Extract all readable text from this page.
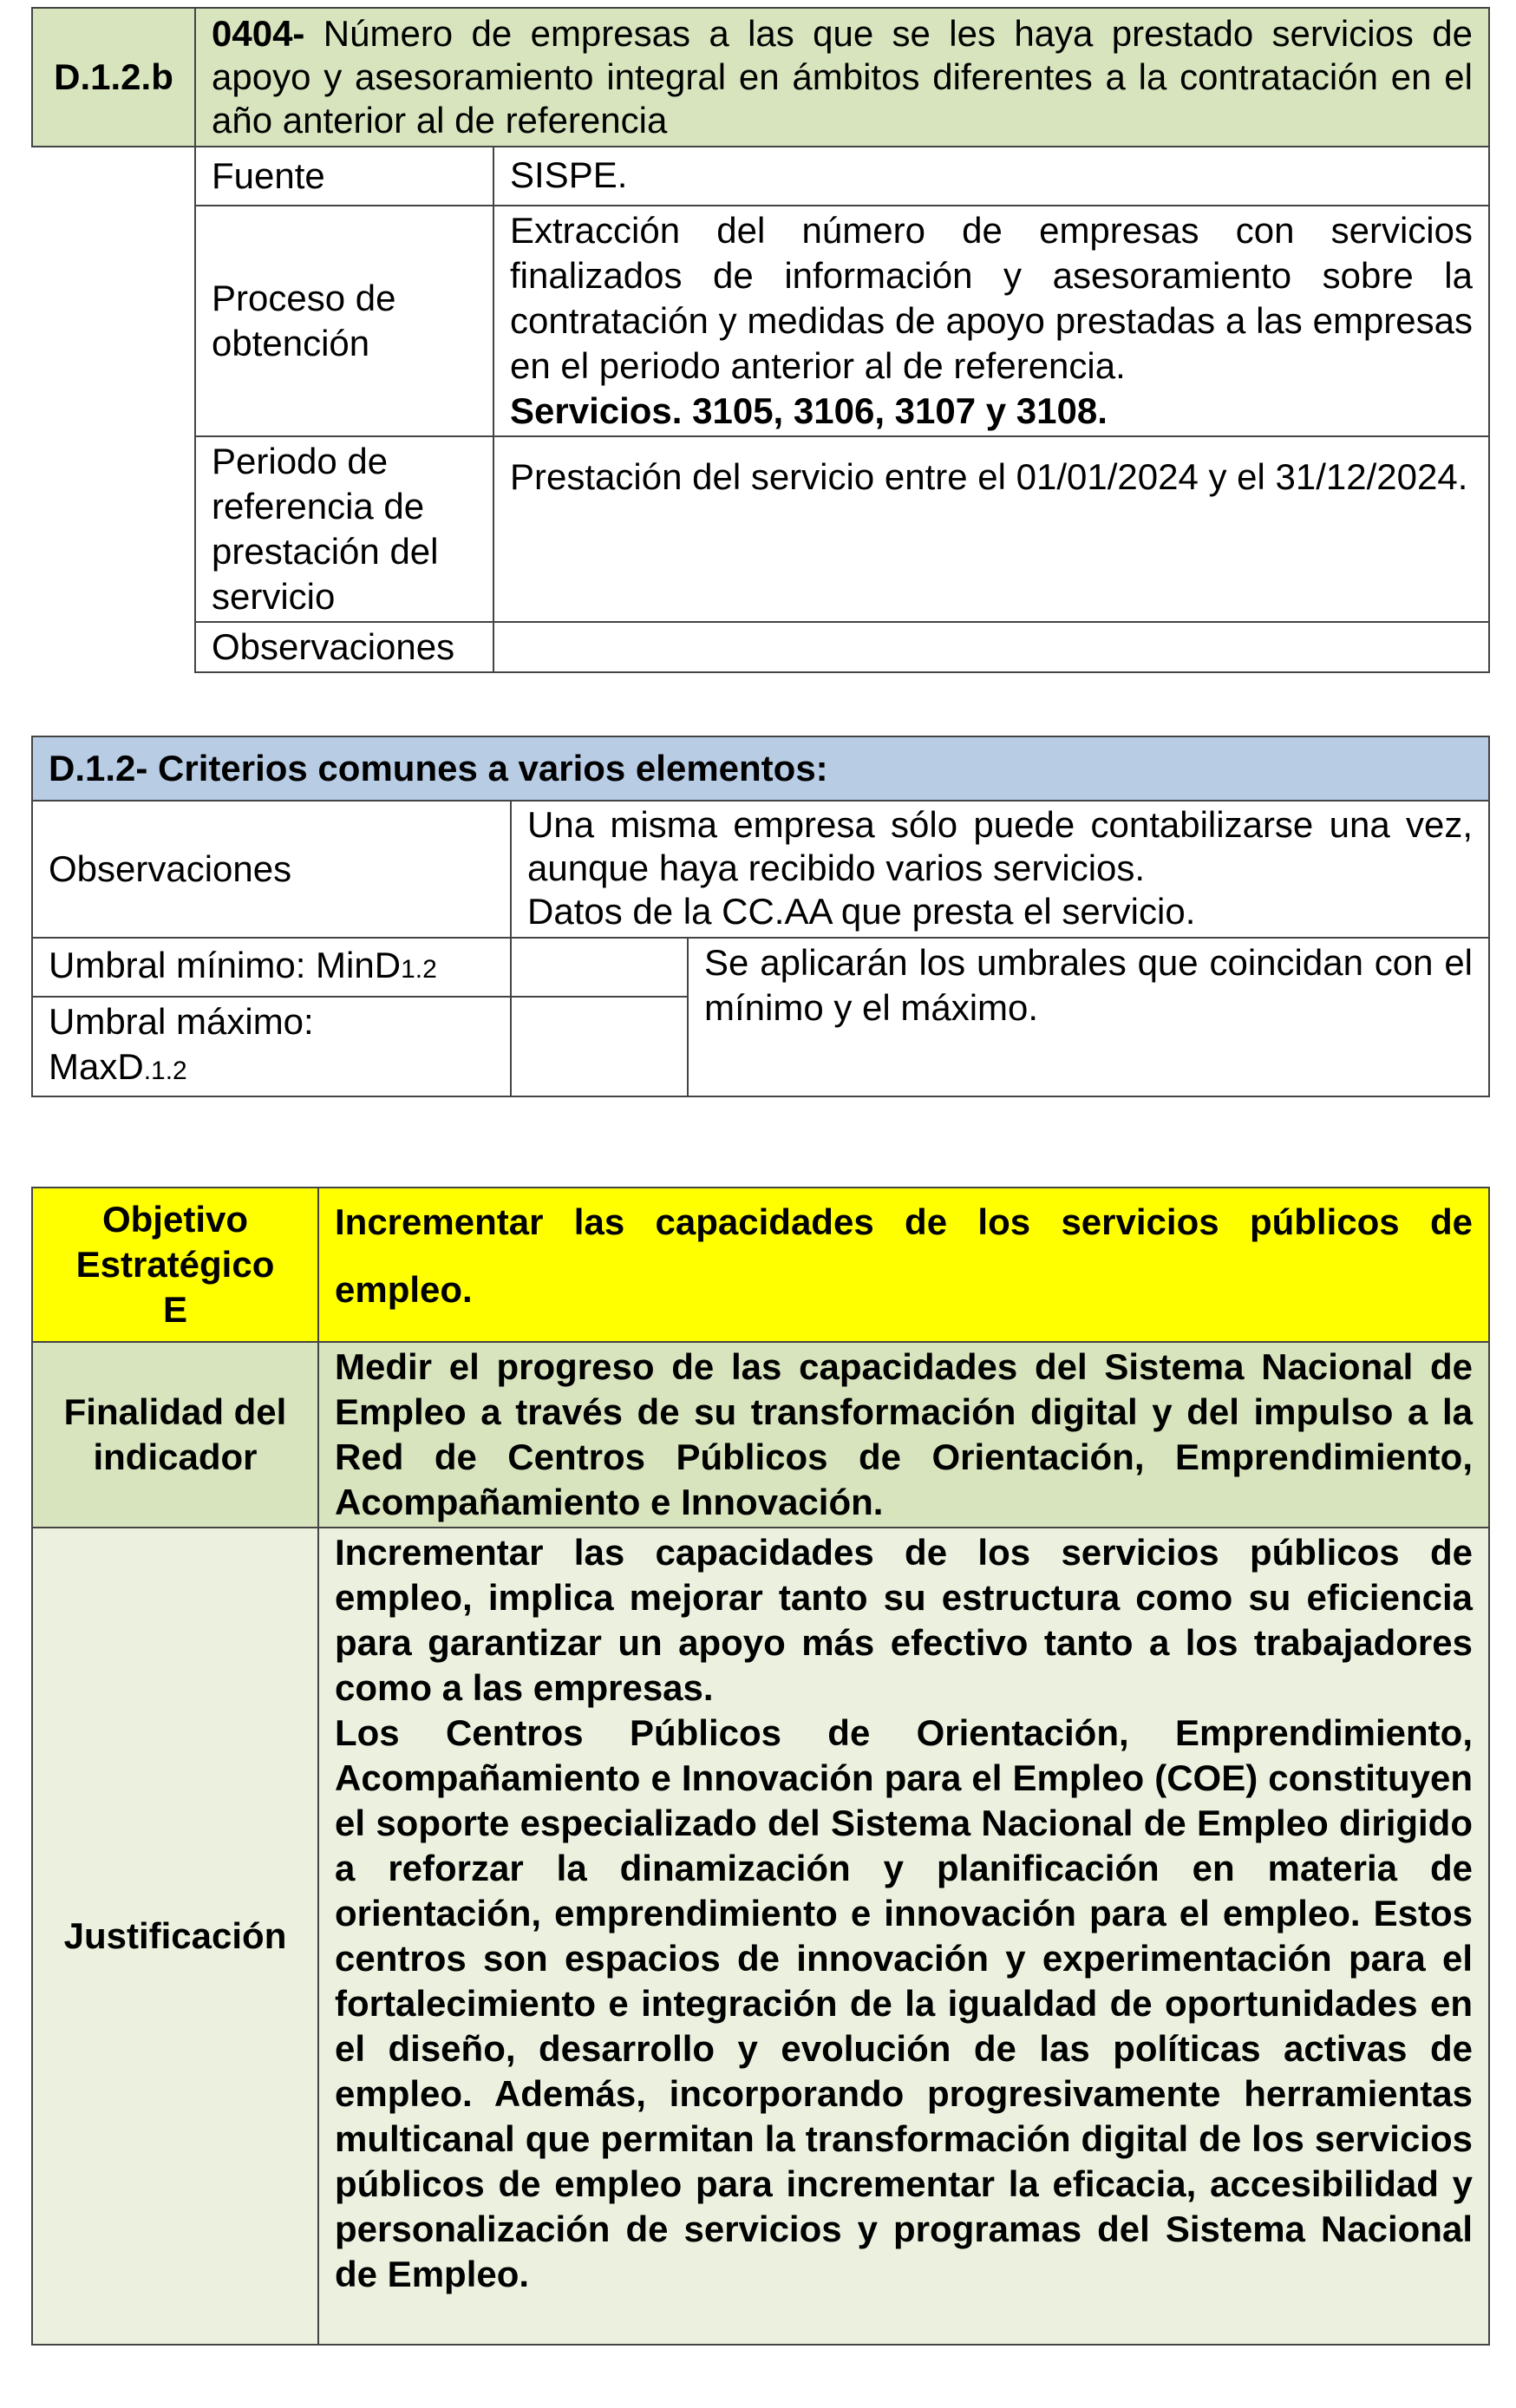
D.1.2.b	0404- Número de empresas a las que se les haya prestado servicios de apoyo y asesoramiento integral en ámbitos diferentes a la contratación en el año anterior al de referencia	
	Fuente	SISPE.
	Proceso de obtención	Extracción del número de empresas con servicios finalizados de información y asesoramiento sobre la contratación y medidas de apoyo prestadas a las empresas en el periodo anterior al de referencia.
Servicios. 3105, 3106, 3107 y 3108.

	Periodo de referencia de prestación del servicio	Prestación del servicio entre el 01/01/2024 y el 31/12/2024.
	Observaciones	
D.1.2- Criterios comunes a varios elementos:		
Observaciones	Una misma empresa sólo puede contabilizarse una vez, aunque haya recibido varios servicios.
Datos de la CC.AA que presta el servicio.	

Umbral mínimo: MinD1.2		Se aplicarán los umbrales que coincidan con el mínimo y el máximo.

Umbral máximo:
MaxD.1.2		
Objetivo
Estratégico
E	Incrementar las capacidades de los servicios públicos de empleo.
Finalidad del indicador	Medir el progreso de las capacidades del Sistema Nacional de Empleo a través de su transformación digital y del impulso a la Red de Centros Públicos de Orientación, Emprendimiento, Acompañamiento e Innovación.
Justificación	Incrementar las capacidades de los servicios públicos de empleo, implica mejorar tanto su estructura como su eficiencia para garantizar un apoyo más efectivo tanto a los trabajadores como a las empresas.
Los Centros Públicos de Orientación, Emprendimiento, Acompañamiento e Innovación para el Empleo (COE) constituyen el soporte especializado del Sistema Nacional de Empleo dirigido a reforzar la dinamización y planificación en materia de orientación, emprendimiento e innovación para el empleo. Estos centros son espacios de innovación y experimentación para el fortalecimiento e integración de la igualdad de oportunidades en el diseño, desarrollo y evolución de las políticas activas de empleo. Además, incorporando progresivamente herramientas multicanal que permitan la transformación digital de los servicios públicos de empleo para incrementar la eficacia, accesibilidad y personalización de servicios y programas del Sistema Nacional de Empleo.
